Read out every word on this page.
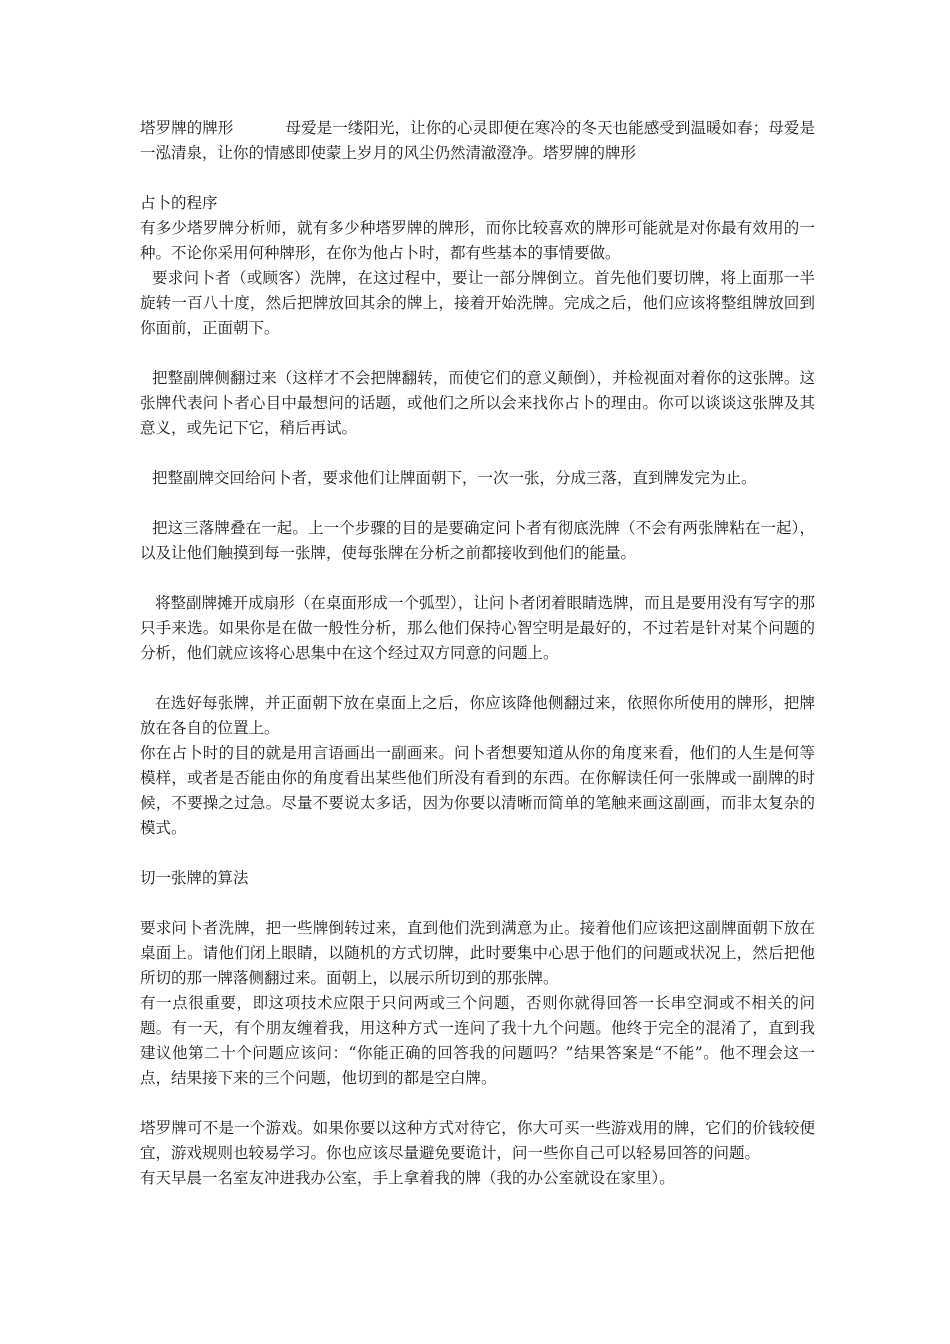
塔罗牌的牌形	母爱是一缕阳光，让你的心灵即便在寒冷的冬天也能感受到温暖如春；母爱是一泓清泉，让你的情感即使蒙上岁月的风尘仍然清澈澄净。塔罗牌的牌形

占卜的程序

有多少塔罗牌分析师，就有多少种塔罗牌的牌形，而你比较喜欢的牌形可能就是对你最有效用的一种。不论你采用何种牌形，在你为他占卜时，都有些基本的事情要做。

要求问卜者（或顾客）洗牌，在这过程中，要让一部分牌倒立。首先他们要切牌，将上面那一半旋转一百八十度，然后把牌放回其余的牌上，接着开始洗牌。完成之后，他们应该将整组牌放回到你面前，正面朝下。

把整副牌侧翻过来（这样才不会把牌翻转，而使它们的意义颠倒），并检视面对着你的这张牌。这张牌代表问卜者心目中最想问的话题，或他们之所以会来找你占卜的理由。你可以谈谈这张牌及其意义，或先记下它，稍后再试。

把整副牌交回给问卜者，要求他们让牌面朝下，一次一张，分成三落，直到牌发完为止。

把这三落牌叠在一起。上一个步骤的目的是要确定问卜者有彻底洗牌（不会有两张牌粘在一起），以及让他们触摸到每一张牌，使每张牌在分析之前都接收到他们的能量。

将整副牌摊开成扇形（在桌面形成一个弧型），让问卜者闭着眼睛选牌，而且是要用没有写字的那只手来选。如果你是在做一般性分析，那么他们保持心智空明是最好的，不过若是针对某个问题的分析，他们就应该将心思集中在这个经过双方同意的问题上。

在选好每张牌，并正面朝下放在桌面上之后，你应该降他侧翻过来，依照你所使用的牌形，把牌放在各自的位置上。

你在占卜时的目的就是用言语画出一副画来。问卜者想要知道从你的角度来看，他们的人生是何等模样，或者是否能由你的角度看出某些他们所没有看到的东西。在你解读任何一张牌或一副牌的时候，不要操之过急。尽量不要说太多话，因为你要以清晰而简单的笔触来画这副画，而非太复杂的模式。

切一张牌的算法

要求问卜者洗牌，把一些牌倒转过来，直到他们洗到满意为止。接着他们应该把这副牌面朝下放在桌面上。请他们闭上眼睛，以随机的方式切牌，此时要集中心思于他们的问题或状况上，然后把他所切的那一牌落侧翻过来。面朝上，以展示所切到的那张牌。

有一点很重要，即这项技术应限于只问两或三个问题，否则你就得回答一长串空洞或不相关的问题。有一天，有个朋友缠着我，用这种方式一连问了我十九个问题。他终于完全的混淆了，直到我建议他第二十个问题应该问：“你能正确的回答我的问题吗？”结果答案是“不能”。他不理会这一点，结果接下来的三个问题，他切到的都是空白牌。

塔罗牌可不是一个游戏。如果你要以这种方式对待它，你大可买一些游戏用的牌，它们的价钱较便宜，游戏规则也较易学习。你也应该尽量避免要诡计，问一些你自己可以轻易回答的问题。

有天早晨一名室友冲进我办公室，手上拿着我的牌（我的办公室就设在家里）。
